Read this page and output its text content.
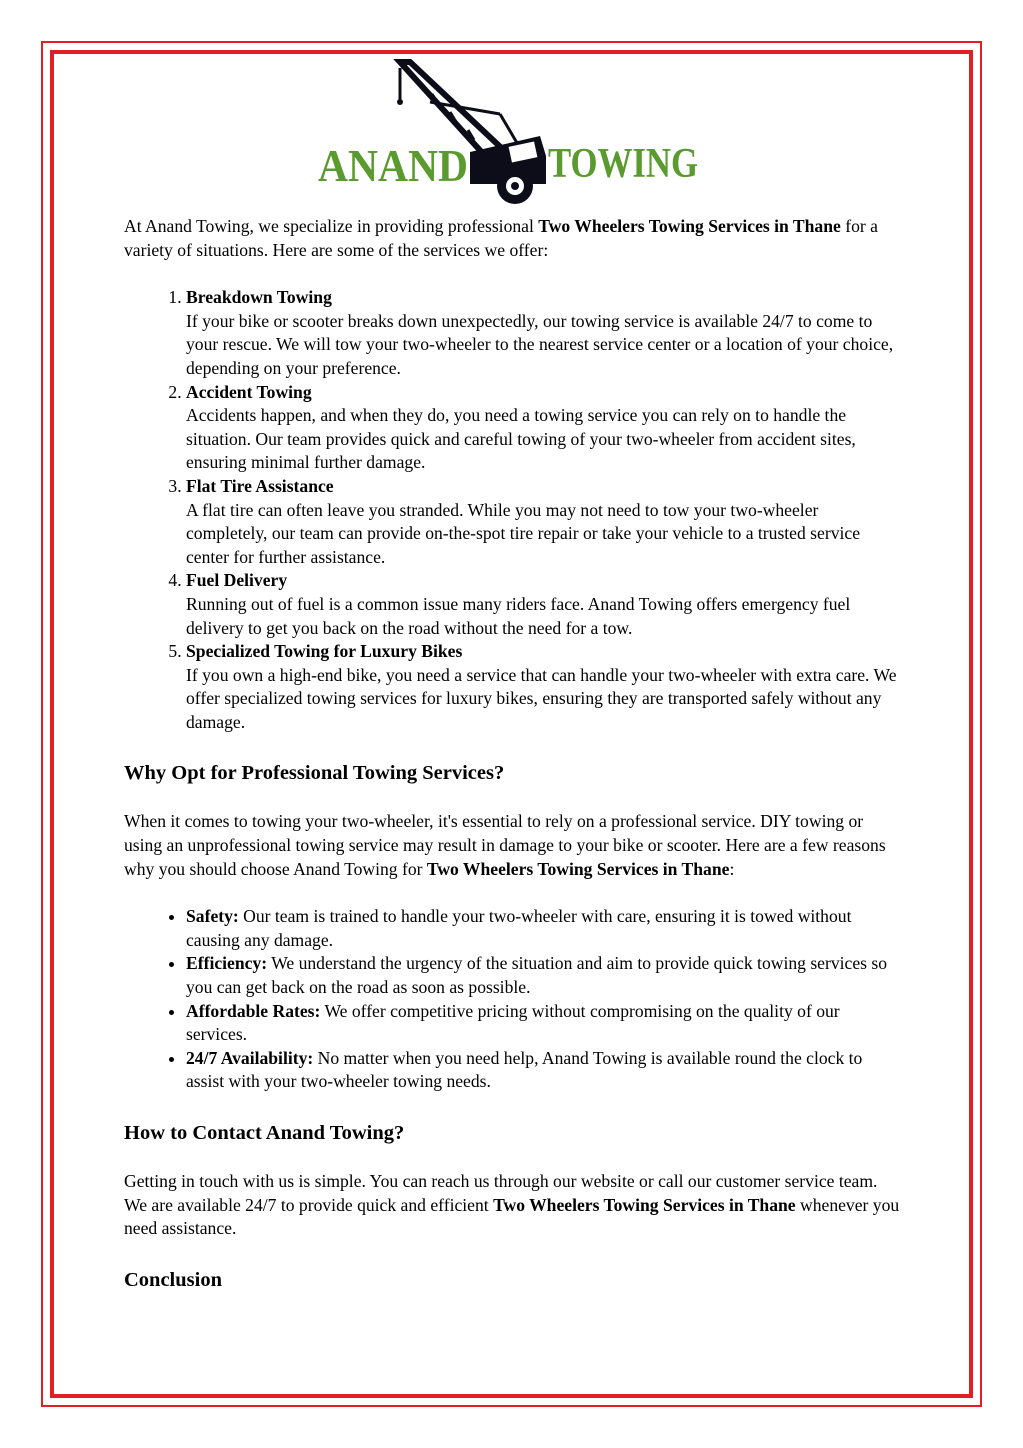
ANAND TOWING

At Anand Towing, we specialize in providing professional Two Wheelers Towing Services in Thane for a variety of situations. Here are some of the services we offer:

1. Breakdown Towing
If your bike or scooter breaks down unexpectedly, our towing service is available 24/7 to come to your rescue. We will tow your two-wheeler to the nearest service center or a location of your choice, depending on your preference.
2. Accident Towing
Accidents happen, and when they do, you need a towing service you can rely on to handle the situation. Our team provides quick and careful towing of your two-wheeler from accident sites, ensuring minimal further damage.
3. Flat Tire Assistance
A flat tire can often leave you stranded. While you may not need to tow your two-wheeler completely, our team can provide on-the-spot tire repair or take your vehicle to a trusted service center for further assistance.
4. Fuel Delivery
Running out of fuel is a common issue many riders face. Anand Towing offers emergency fuel delivery to get you back on the road without the need for a tow.
5. Specialized Towing for Luxury Bikes
If you own a high-end bike, you need a service that can handle your two-wheeler with extra care. We offer specialized towing services for luxury bikes, ensuring they are transported safely without any damage.
Why Opt for Professional Towing Services?

When it comes to towing your two-wheeler, it's essential to rely on a professional service. DIY towing or using an unprofessional towing service may result in damage to your bike or scooter. Here are a few reasons why you should choose Anand Towing for Two Wheelers Towing Services in Thane:

• Safety: Our team is trained to handle your two-wheeler with care, ensuring it is towed without causing any damage.
• Efficiency: We understand the urgency of the situation and aim to provide quick towing services so you can get back on the road as soon as possible.
• Affordable Rates: We offer competitive pricing without compromising on the quality of our services.
• 24/7 Availability: No matter when you need help, Anand Towing is available round the clock to assist with your two-wheeler towing needs.
How to Contact Anand Towing?

Getting in touch with us is simple. You can reach us through our website or call our customer service team. We are available 24/7 to provide quick and efficient Two Wheelers Towing Services in Thane whenever you need assistance.

Conclusion
